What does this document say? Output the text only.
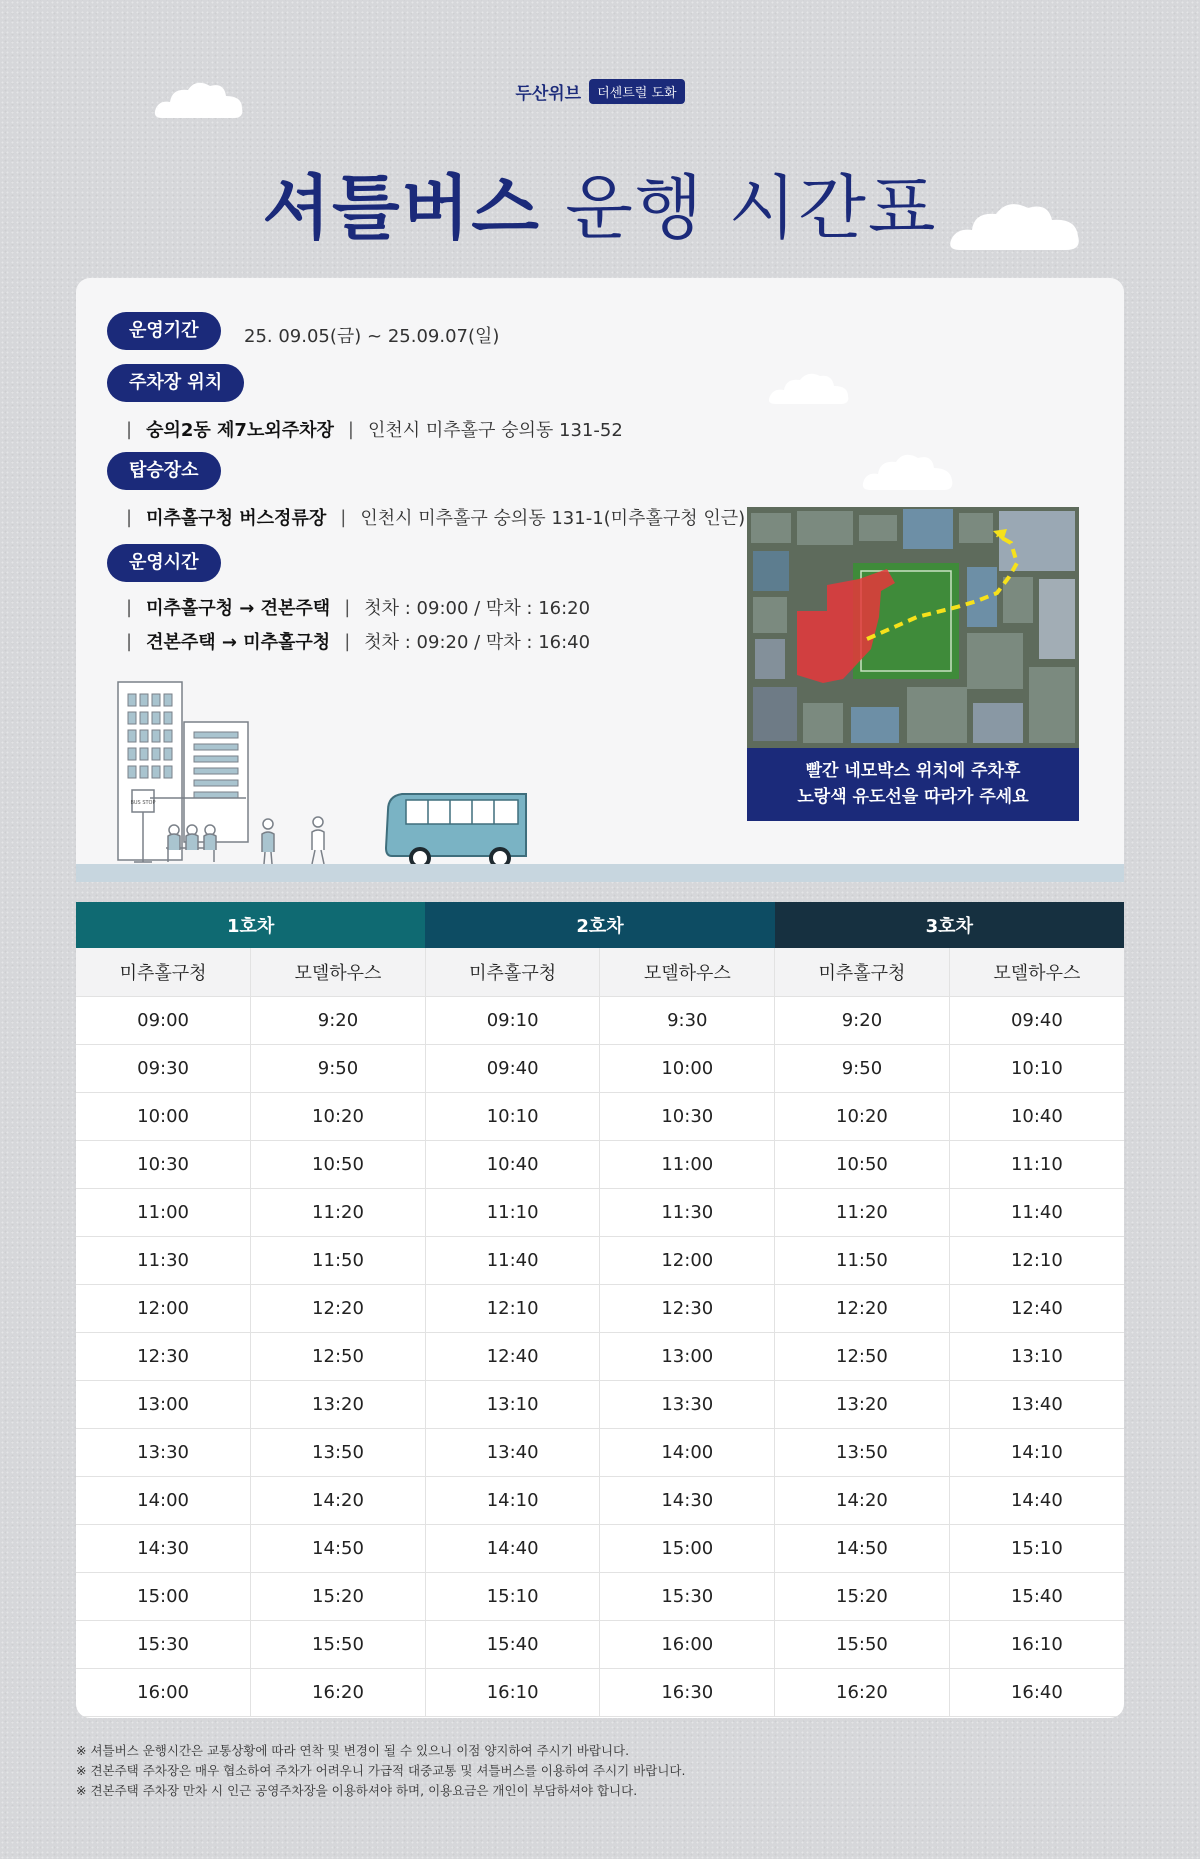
두산위브	더센트럴 도화
셔틀버스 운행 시간표
운영기간	25. 09.05(금) ~ 25.09.07(일)
주차장 위치
| 숭의2동 제7노외주차장 | 인천시 미추홀구 숭의동 131-52
탑승장소
| 미추홀구청 버스정류장 | 인천시 미추홀구 숭의동 131-1(미추홀구청 인근)
운영시간
| 미추홀구청 → 견본주택 | 첫차 : 09:00 / 막차 : 16:20
| 견본주택 → 미추홀구청 | 첫차 : 09:20 / 막차 : 16:40
BUS STOP
빨간 네모박스 위치에 주차후
노랑색 유도선을 따라가 주세요
1호차		2호차		3호차	
미추홀구청	모델하우스	미추홀구청	모델하우스	미추홀구청	모델하우스
09:00	9:20	09:10	9:30	9:20	09:40
09:30	9:50	09:40	10:00	9:50	10:10
10:00	10:20	10:10	10:30	10:20	10:40
10:30	10:50	10:40	11:00	10:50	11:10
11:00	11:20	11:10	11:30	11:20	11:40
11:30	11:50	11:40	12:00	11:50	12:10
12:00	12:20	12:10	12:30	12:20	12:40
12:30	12:50	12:40	13:00	12:50	13:10
13:00	13:20	13:10	13:30	13:20	13:40
13:30	13:50	13:40	14:00	13:50	14:10
14:00	14:20	14:10	14:30	14:20	14:40
14:30	14:50	14:40	15:00	14:50	15:10
15:00	15:20	15:10	15:30	15:20	15:40
15:30	15:50	15:40	16:00	15:50	16:10
16:00	16:20	16:10	16:30	16:20	16:40
※ 셔틀버스 운행시간은 교통상황에 따라 연착 및 변경이 될 수 있으니 이점 양지하여 주시기 바랍니다.
※ 견본주택 주차장은 매우 협소하여 주차가 어려우니 가급적 대중교통 및 셔틀버스를 이용하여 주시기 바랍니다.
※ 견본주택 주차장 만차 시 인근 공영주차장을 이용하셔야 하며, 이용요금은 개인이 부담하셔야 합니다.
